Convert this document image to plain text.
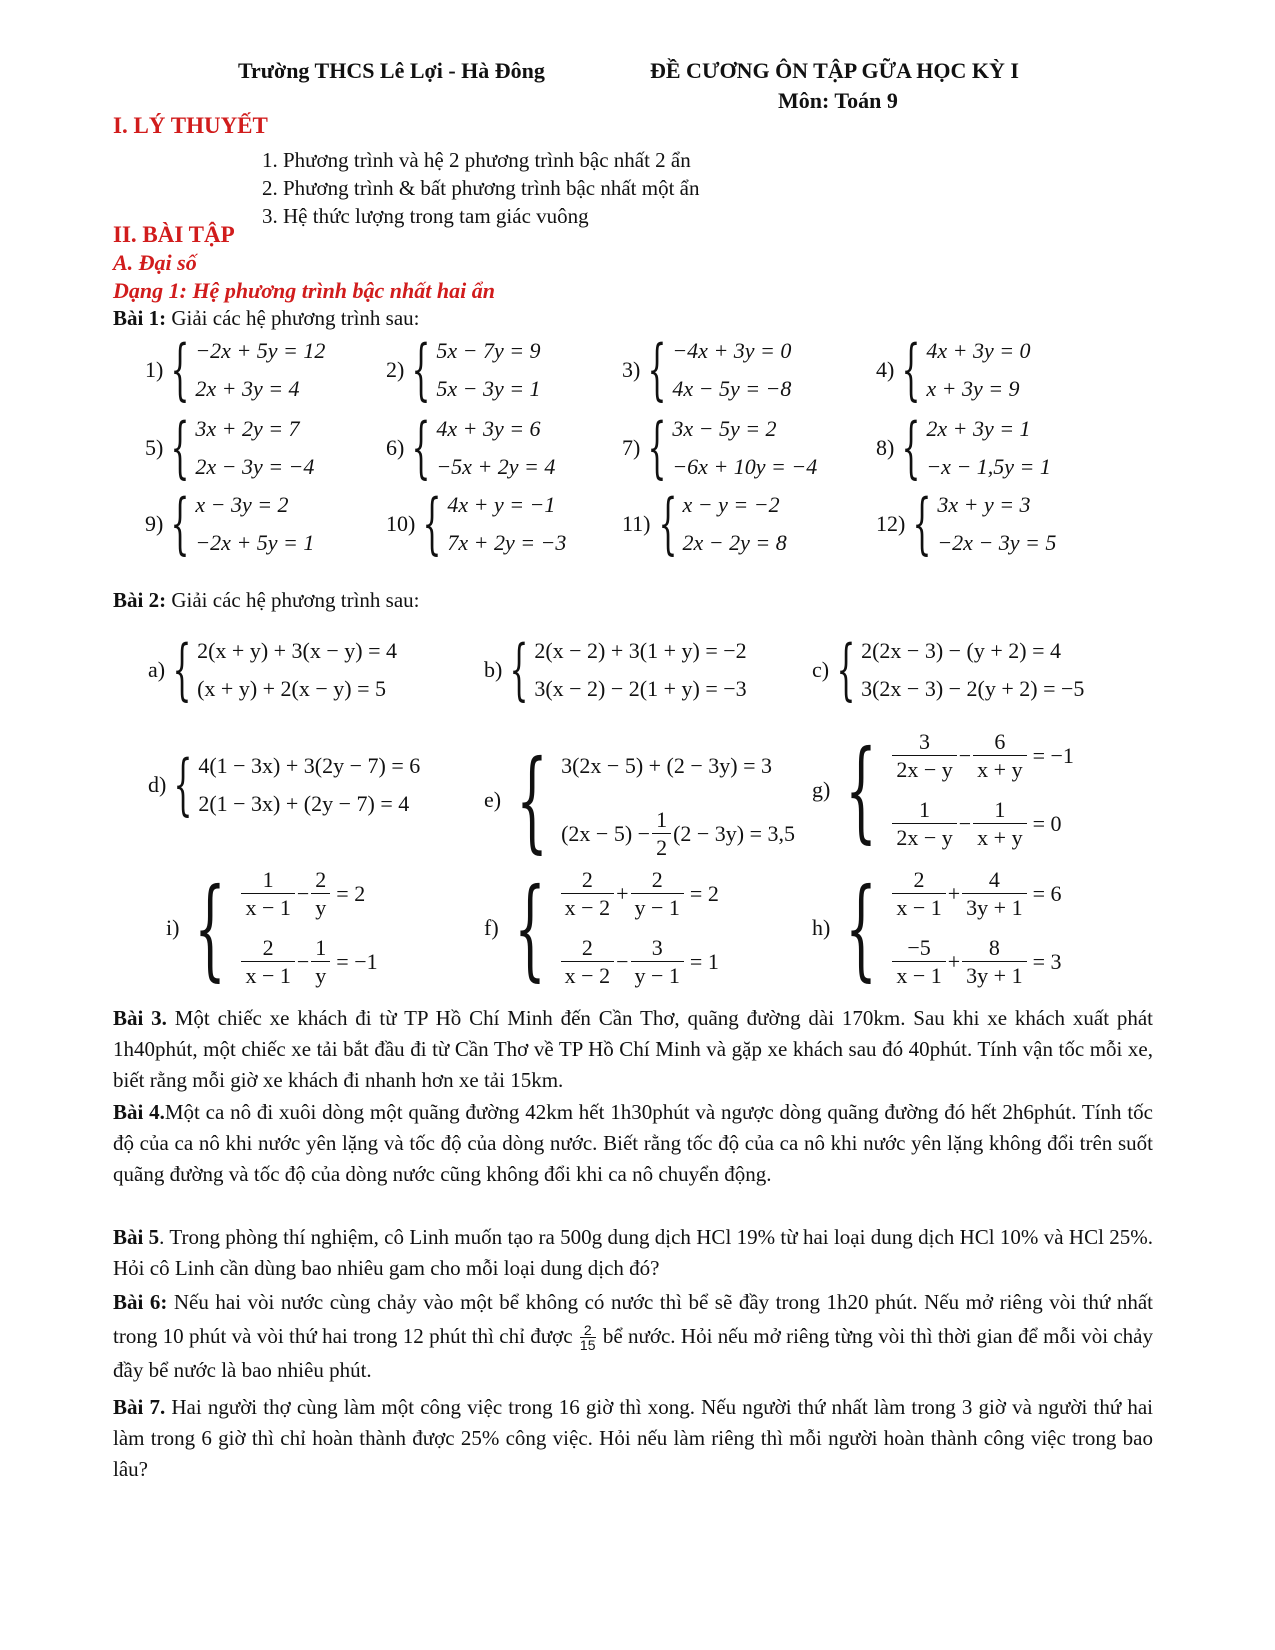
Trường THCS Lê Lợi - Hà Đông	ĐỀ CƯƠNG ÔN TẬP GỮA HỌC KỲ I
Môn: Toán 9
I. LÝ THUYẾT
1. Phương trình và hệ 2 phương trình bậc nhất 2 ẩn
2. Phương trình & bất phương trình bậc nhất một ẩn
3. Hệ thức lượng trong tam giác vuông
II. BÀI TẬP
A. Đại số
Dạng 1: Hệ phương trình bậc nhất hai ẩn
Bài 1: Giải các hệ phương trình sau:
1) { −2x + 5y = 12
2x + 3y = 4
2) { 5x − 7y = 9
5x − 3y = 1
3) { −4x + 3y = 0
4x − 5y = −8
4) { 4x + 3y = 0
x + 3y = 9
5) { 3x + 2y = 7
2x − 3y = −4
6) { 4x + 3y = 6
−5x + 2y = 4
7) { 3x − 5y = 2
−6x + 10y = −4
8) { 2x + 3y = 1
−x − 1,5y = 1
9) { x − 3y = 2
−2x + 5y = 1
10) { 4x + y = −1
7x + 2y = −3
11) { x − y = −2
2x − 2y = 8
12) { 3x + y = 3
−2x − 3y = 5
Bài 2: Giải các hệ phương trình sau:
a) { 2(x + y) + 3(x − y) = 4
(x + y) + 2(x − y) = 5
b) { 2(x − 2) + 3(1 + y) = −2
3(x − 2) − 2(1 + y) = −3
c) { 2(2x − 3) − (y + 2) = 4
3(2x − 3) − 2(y + 2) = −5
d) { 4(1 − 3x) + 3(2y − 7) = 6
2(1 − 3x) + (2y − 7) = 4	e) { 3(2x − 5) + (2 − 3y) = 3
$(2x - 5) - \frac{1}{2} (2 - 3y) = 3,5$
g) { $\frac{3}{2x - y} - \frac{6}{x + y} = -1$
$\frac{1}{2x - y} - \frac{1}{x + y} = 0$
i) { $\frac{1}{x - 1} - \frac{2}{y} = 2$
$\frac{2}{x - 1} - \frac{1}{y} = -1$
f) { $\frac{2}{x - 2} + \frac{2}{y - 1} = 2$
$\frac{2}{x - 2} - \frac{3}{y - 1} = 1$
h) { $\frac{2}{x - 1} + \frac{4}{3y + 1} = 6$
$\frac{-5}{x - 1} + \frac{8}{3y + 1} = 3$
Bài 3. Một chiếc xe khách đi từ TP Hồ Chí Minh đến Cần Thơ, quãng đường dài 170km. Sau khi xe khách xuất phát 1h40phút, một chiếc xe tải bắt đầu đi từ Cần Thơ về TP Hồ Chí Minh và gặp xe khách sau đó 40phút. Tính vận tốc mỗi xe, biết rằng mỗi giờ xe khách đi nhanh hơn xe tải 15km.
Bài 4.Một ca nô đi xuôi dòng một quãng đường 42km hết 1h30phút và ngược dòng quãng đường đó hết 2h6phút. Tính tốc độ của ca nô khi nước yên lặng và tốc độ của dòng nước. Biết rằng tốc độ của ca nô khi nước yên lặng không đổi trên suốt quãng đường và tốc độ của dòng nước cũng không đổi khi ca nô chuyển động.
Bài 5. Trong phòng thí nghiệm, cô Linh muốn tạo ra 500g dung dịch HCl 19% từ hai loại dung dịch HCl 10% và HCl 25%. Hỏi cô Linh cần dùng bao nhiêu gam cho mỗi loại dung dịch đó?
Bài 6: Nếu hai vòi nước cùng chảy vào một bể không có nước thì bể sẽ đầy trong 1h20 phút. Nếu mở riêng vòi thứ nhất trong 10 phút và vòi thứ hai trong 12 phút thì chỉ được $\frac{2}{15}$ bể nước. Hỏi nếu mở riêng từng vòi thì thời gian để mỗi vòi chảy đầy bể nước là bao nhiêu phút.
Bài 7. Hai người thợ cùng làm một công việc trong 16 giờ thì xong. Nếu người thứ nhất làm trong 3 giờ và người thứ hai làm trong 6 giờ thì chỉ hoàn thành được 25% công việc. Hỏi nếu làm riêng thì mỗi người hoàn thành công việc trong bao lâu?
